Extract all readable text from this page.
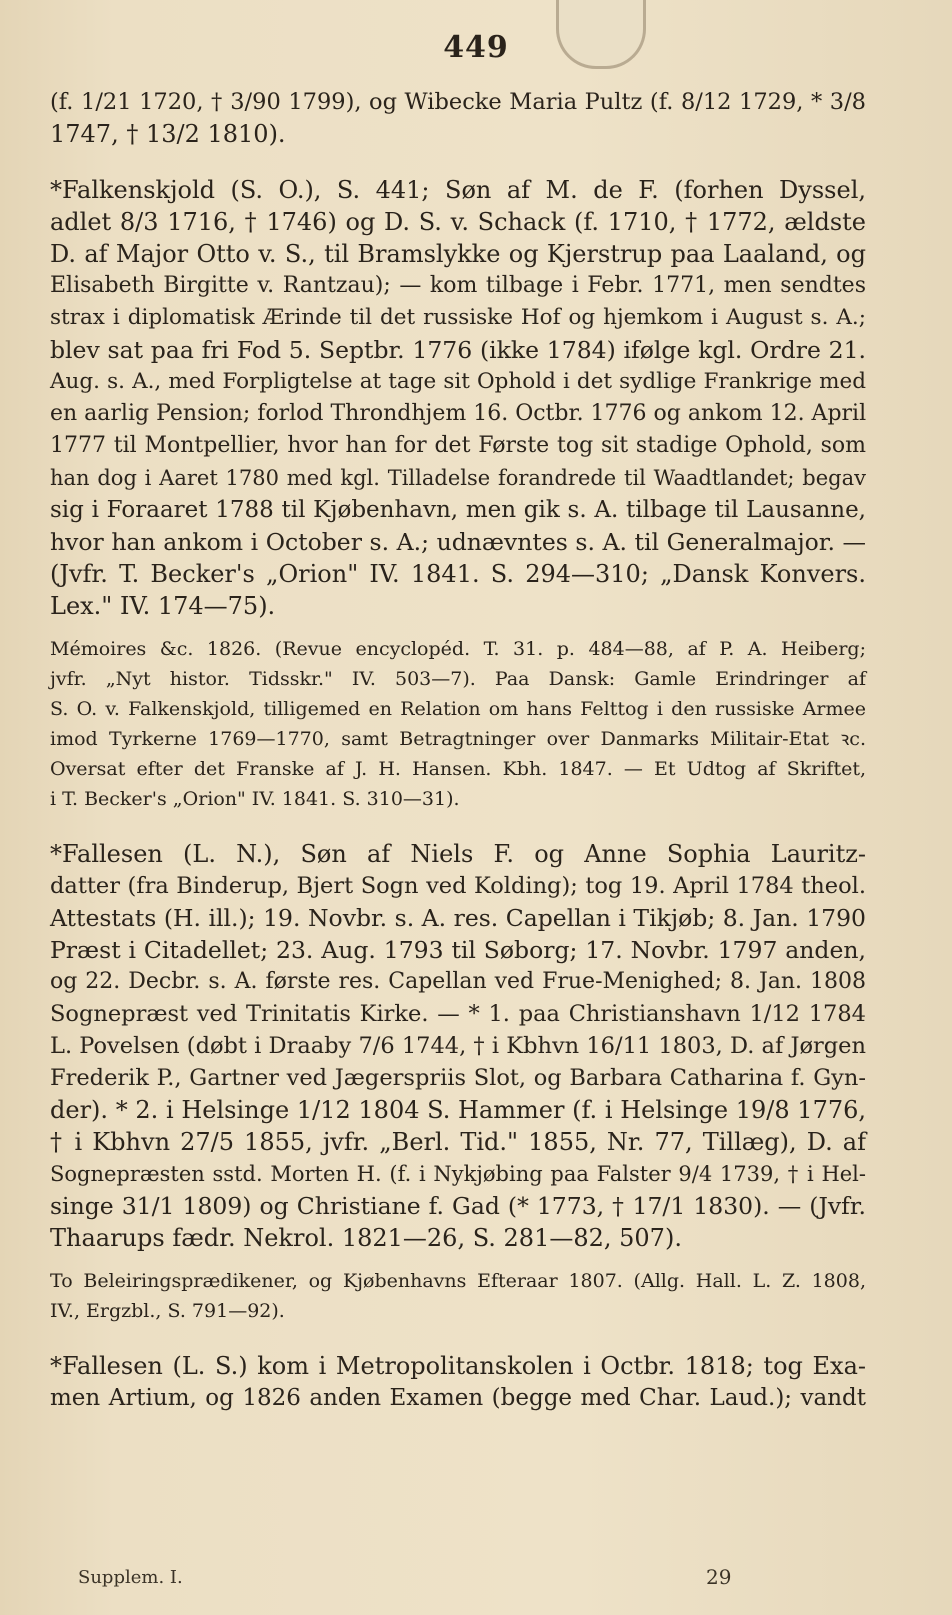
449
(f. 1/21 1720, † 3/90 1799), og Wibecke Maria Pultz (f. 8/12 1729, * 3/8
1747, † 13/2 1810).
*Falkenskjold (S. O.), S. 441; Søn af M. de F. (forhen Dyssel,
adlet 8/3 1716, † 1746) og D. S. v. Schack (f. 1710, † 1772, ældste
D. af Major Otto v. S., til Bramslykke og Kjerstrup paa Laaland, og
Elisabeth Birgitte v. Rantzau); — kom tilbage i Febr. 1771, men sendtes
strax i diplomatisk Ærinde til det russiske Hof og hjemkom i August s. A.;
blev sat paa fri Fod 5. Septbr. 1776 (ikke 1784) ifølge kgl. Ordre 21.
Aug. s. A., med Forpligtelse at tage sit Ophold i det sydlige Frankrige med
en aarlig Pension; forlod Throndhjem 16. Octbr. 1776 og ankom 12. April
1777 til Montpellier, hvor han for det Første tog sit stadige Ophold, som
han dog i Aaret 1780 med kgl. Tilladelse forandrede til Waadtlandet; begav
sig i Foraaret 1788 til Kjøbenhavn, men gik s. A. tilbage til Lausanne,
hvor han ankom i October s. A.; udnævntes s. A. til Generalmajor. —
(Jvfr. T. Becker's „Orion" IV. 1841. S. 294—310; „Dansk Konvers.
Lex." IV. 174—75).
Mémoires &c. 1826. (Revue encyclopéd. T. 31. p. 484—88, af P. A. Heiberg;
jvfr. „Nyt histor. Tidsskr." IV. 503—7). Paa Dansk: Gamle Erindringer af
S. O. v. Falkenskjold, tilligemed en Relation om hans Felttog i den russiske Armee
imod Tyrkerne 1769—1770, samt Betragtninger over Danmarks Militair-Etat ꝛc.
Oversat efter det Franske af J. H. Hansen. Kbh. 1847. — Et Udtog af Skriftet,
i T. Becker's „Orion" IV. 1841. S. 310—31).
*Fallesen (L. N.), Søn af Niels F. og Anne Sophia Lauritz-
datter (fra Binderup, Bjert Sogn ved Kolding); tog 19. April 1784 theol.
Attestats (H. ill.); 19. Novbr. s. A. res. Capellan i Tikjøb; 8. Jan. 1790
Præst i Citadellet; 23. Aug. 1793 til Søborg; 17. Novbr. 1797 anden,
og 22. Decbr. s. A. første res. Capellan ved Frue-Menighed; 8. Jan. 1808
Sognepræst ved Trinitatis Kirke. — * 1. paa Christianshavn 1/12 1784
L. Povelsen (døbt i Draaby 7/6 1744, † i Kbhvn 16/11 1803, D. af Jørgen
Frederik P., Gartner ved Jægerspriis Slot, og Barbara Catharina f. Gyn-
der). * 2. i Helsinge 1/12 1804 S. Hammer (f. i Helsinge 19/8 1776,
† i Kbhvn 27/5 1855, jvfr. „Berl. Tid." 1855, Nr. 77, Tillæg), D. af
Sognepræsten sstd. Morten H. (f. i Nykjøbing paa Falster 9/4 1739, † i Hel-
singe 31/1 1809) og Christiane f. Gad (* 1773, † 17/1 1830). — (Jvfr.
Thaarups fædr. Nekrol. 1821—26, S. 281—82, 507).
To Beleiringsprædikener, og Kjøbenhavns Efteraar 1807. (Allg. Hall. L. Z. 1808,
IV., Ergzbl., S. 791—92).
*Fallesen (L. S.) kom i Metropolitanskolen i Octbr. 1818; tog Exa-
men Artium, og 1826 anden Examen (begge med Char. Laud.); vandt
Supplem. I.	29
